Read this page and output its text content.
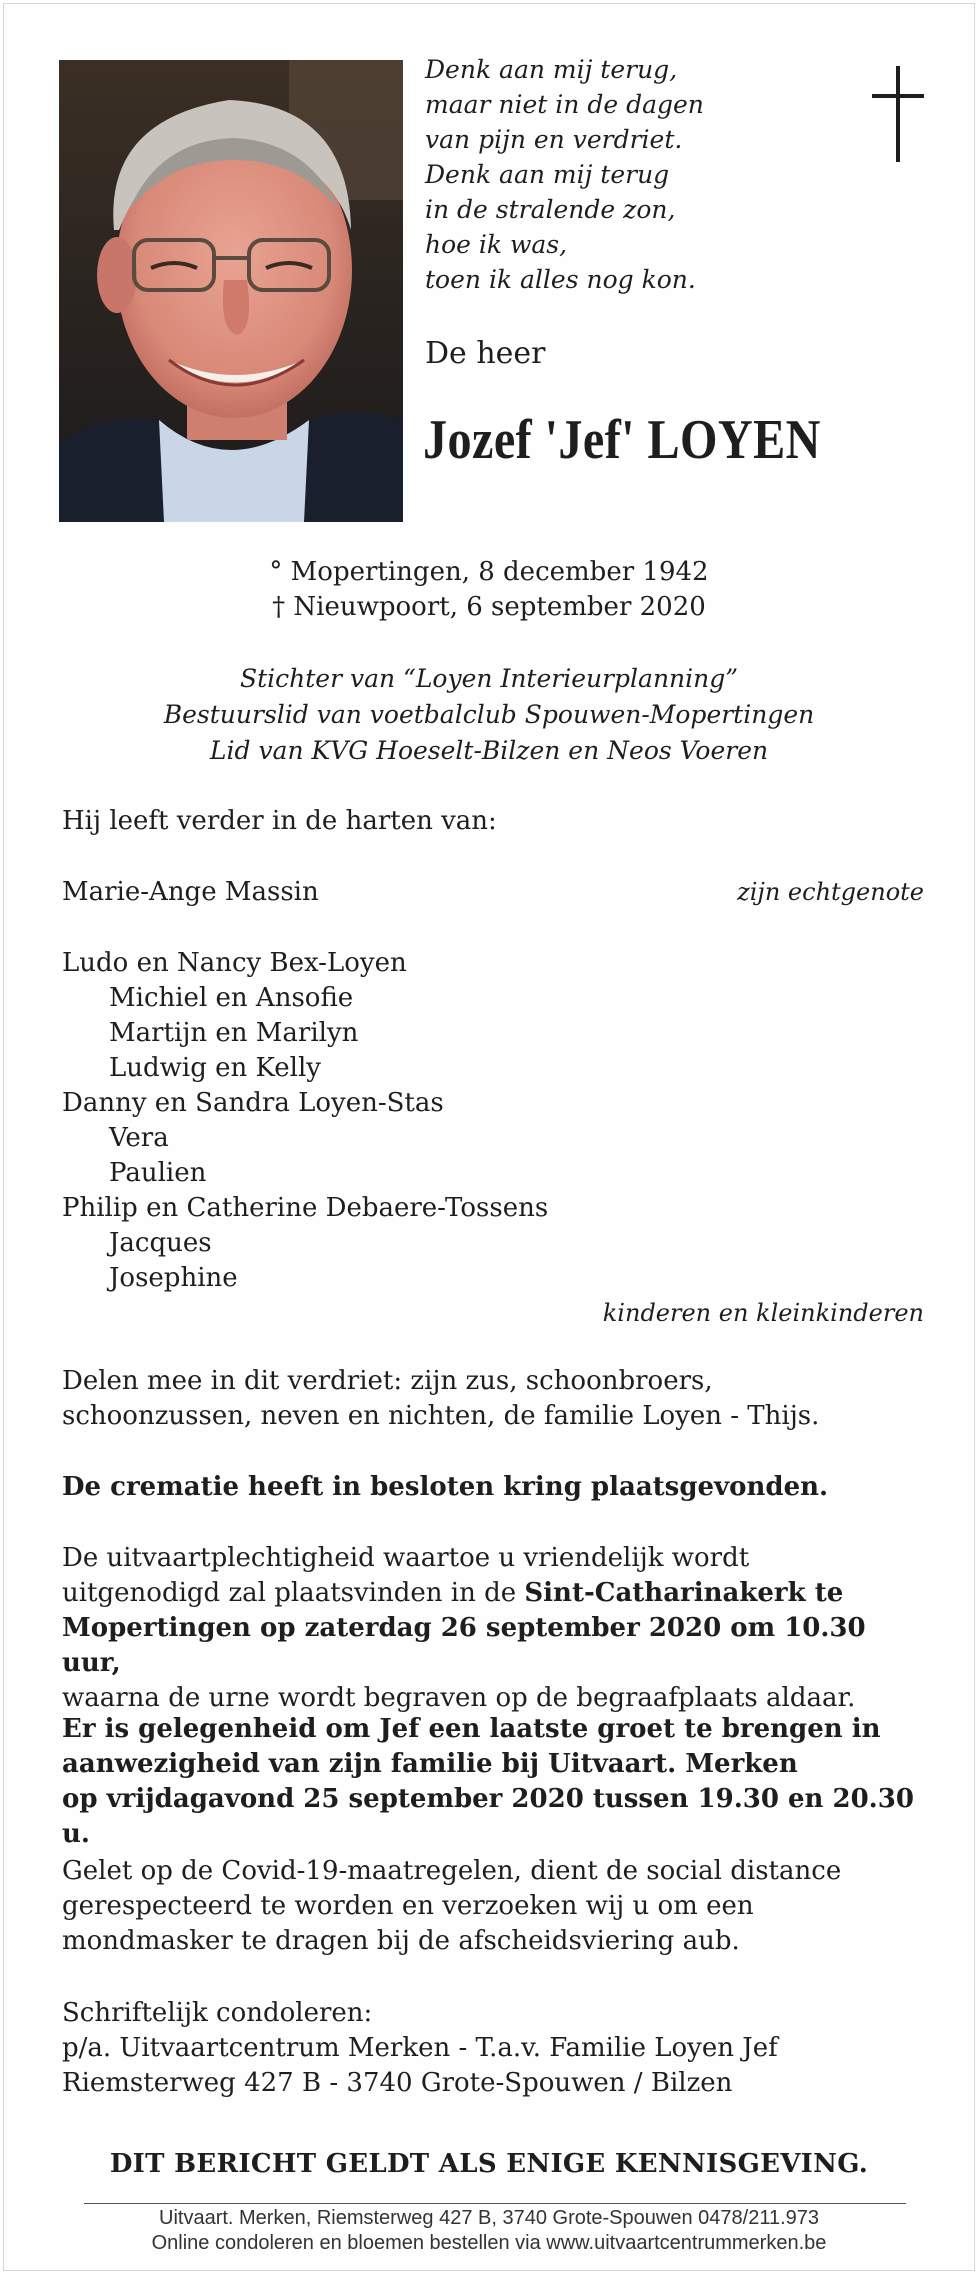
Denk aan mij terug,
maar niet in de dagen
van pijn en verdriet.
Denk aan mij terug
in de stralende zon,
hoe ik was,
toen ik alles nog kon.
De heer
Jozef 'Jef' LOYEN
° Mopertingen, 8 december 1942
† Nieuwpoort, 6 september 2020
Stichter van “Loyen Interieurplanning”
Bestuurslid van voetbalclub Spouwen-Mopertingen
Lid van KVG Hoeselt-Bilzen en Neos Voeren
Hij leeft verder in de harten van:
Marie-Ange Massin	zijn echtgenote
Ludo en Nancy Bex-Loyen
Michiel en Ansofie
Martijn en Marilyn
Ludwig en Kelly
Danny en Sandra Loyen-Stas
Vera
Paulien
Philip en Catherine Debaere-Tossens
Jacques
Josephine
kinderen en kleinkinderen
Delen mee in dit verdriet: zijn zus, schoonbroers,
schoonzussen, neven en nichten, de familie Loyen - Thijs.
De crematie heeft in besloten kring plaatsgevonden.
De uitvaartplechtigheid waartoe u vriendelijk wordt
uitgenodigd zal plaatsvinden in de Sint-Catharinakerk te
Mopertingen op zaterdag 26 september 2020 om 10.30 uur,
waarna de urne wordt begraven op de begraafplaats aldaar.
Er is gelegenheid om Jef een laatste groet te brengen in
aanwezigheid van zijn familie bij Uitvaart. Merken
op vrijdagavond 25 september 2020 tussen 19.30 en 20.30 u.
Gelet op de Covid-19-maatregelen, dient de social distance
gerespecteerd te worden en verzoeken wij u om een
mondmasker te dragen bij de afscheidsviering aub.
Schriftelijk condoleren:
p/a. Uitvaartcentrum Merken - T.a.v. Familie Loyen Jef
Riemsterweg 427 B - 3740 Grote-Spouwen / Bilzen
DIT BERICHT GELDT ALS ENIGE KENNISGEVING.
Uitvaart. Merken, Riemsterweg 427 B, 3740 Grote-Spouwen 0478/211.973
Online condoleren en bloemen bestellen via www.uitvaartcentrummerken.be
